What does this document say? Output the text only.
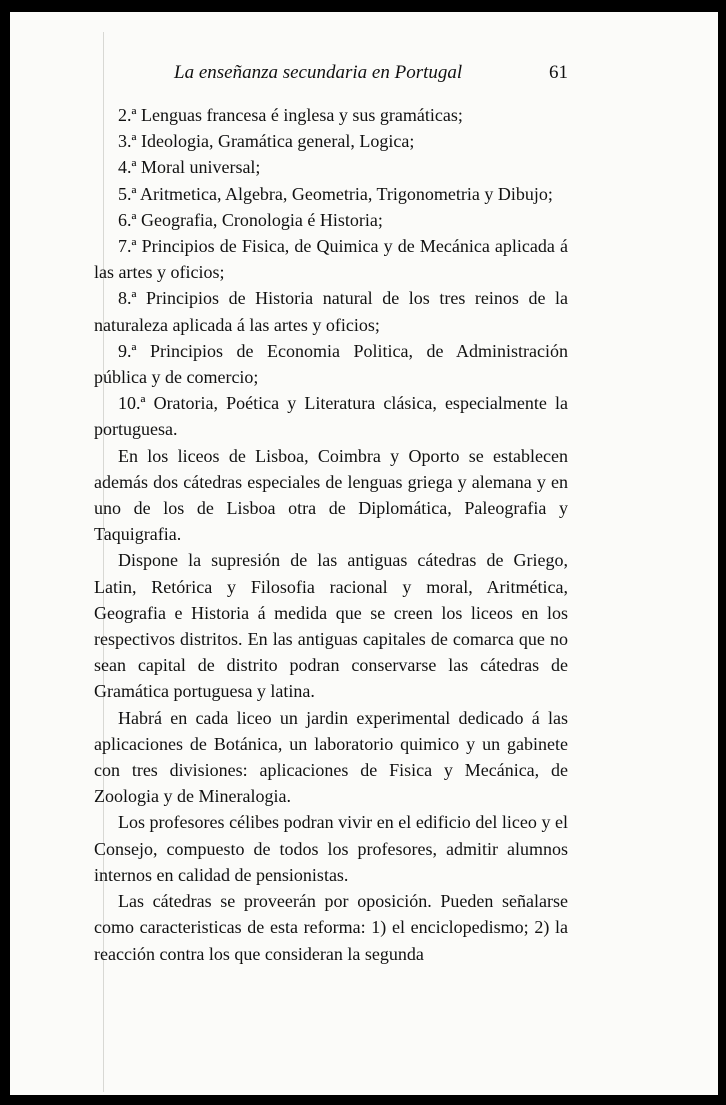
La enseñanza secundaria en Portugal	61

2.ª Lenguas francesa é inglesa y sus gramáticas;

3.ª Ideologia, Gramática general, Logica;

4.ª Moral universal;

5.ª Aritmetica, Algebra, Geometria, Trigonometria y Dibujo;

6.ª Geografia, Cronologia é Historia;

7.ª Principios de Fisica, de Quimica y de Mecánica aplicada á las artes y oficios;

8.ª Principios de Historia natural de los tres reinos de la naturaleza aplicada á las artes y oficios;

9.ª Principios de Economia Politica, de Administración pública y de comercio;

10.ª Oratoria, Poética y Literatura clásica, especialmente la portuguesa.

En los liceos de Lisboa, Coimbra y Oporto se establecen además dos cátedras especiales de lenguas griega y alemana y en uno de los de Lisboa otra de Diplomática, Paleografia y Taquigrafia.

Dispone la supresión de las antiguas cátedras de Griego, Latin, Retórica y Filosofia racional y moral, Aritmética, Geografia e Historia á medida que se creen los liceos en los respectivos distritos. En las antiguas capitales de comarca que no sean capital de distrito podran conservarse las cátedras de Gramática portuguesa y latina.

Habrá en cada liceo un jardin experimental dedicado á las aplicaciones de Botánica, un laboratorio quimico y un gabinete con tres divisiones: aplicaciones de Fisica y Mecánica, de Zoologia y de Mineralogia.

Los profesores célibes podran vivir en el edificio del liceo y el Consejo, compuesto de todos los profesores, admitir alumnos internos en calidad de pensionistas.

Las cátedras se proveerán por oposición. Pueden señalarse como caracteristicas de esta reforma: 1) el enciclopedismo; 2) la reacción contra los que consideran la segunda
